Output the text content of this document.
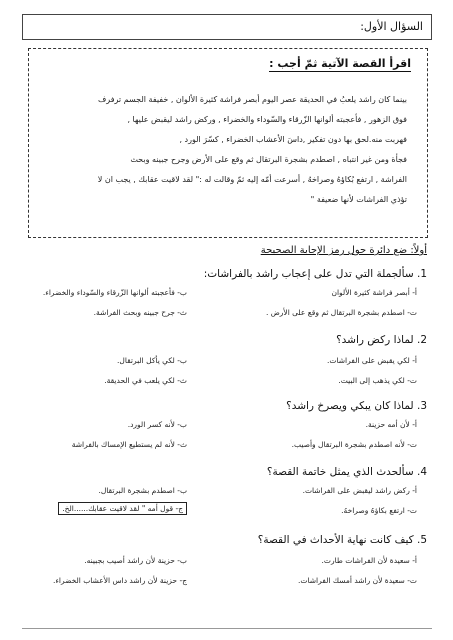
السؤال الأول:
اقرأ القصة الآتية ثمّ أجب :
بينما كان راشد يلعبُ في الحديقة عصر اليوم أبصر فراشة كثيرة الألوان , خفيفة الجسم ترفرف
فوق الزهور , فأعجبته ألوانها الزّرقاء والسّوداء والخضراء , وركض راشد ليقبض عليها ,
فهربت منه.لحق بها دون تفكير ,داسَ الأعشاب الخضراء , كسّرَ الورد ,
فجأة ومن غير انتباه , اصطدم بشجرة البرتقال ثم وقع على الأرض وجرح جبينه وبحث
الفراشة , ارتفع بُكاؤهُ وصراخهُ , أسرعت أمّه إليه ثمّ وقالت له :" لقد لاقيت عقابك , يجب ان لا
تؤذي الفراشات لأنها ضعيفة "
أولاً: ضع دائرة حول رمز الإجابة الصحيحة
1. سألجملة التي تدل على إعجاب راشد بالفراشات:
أ- أبصر فراشة كثيرة الألوان
ب- فأعجبته ألوانها الزّرقاء والسّوداء والخضراء.
ت- اصطدم بشجرة البرتقال ثم وقع على الأرض .
ث- جرح جبينه وبحث الفراشة.
2. لماذا ركض راشد؟
أ- لكي يقبض على الفراشات.
ب- لكي يأكل البرتقال.
ت- لكي يذهب إلى البيت.
ث- لكي يلعب في الحديقة.
3. لماذا كان يبكي ويصرخ راشد؟
أ- لأن أمه حزينة.
ب- لأنه كسر الورد.
ت- لأنه اصطدم بشجرة البرتقال وأصيب.
ث- لأنه لم يستطيع الإمساك بالفراشة
4. سألحدث الذي يمثل خاتمة القصة؟
أ- ركض راشد ليقبض على الفراشات.
ب- اصطدم بشجرة البرتقال.
ت- ارتفع بكاؤهُ وصراخهُ.
ج- قول أمه " لقد لاقيت عقابك......الخ.
5. كيف كانت نهاية الأحداث في القصة؟
أ- سعيدة لأن الفراشات طارت.
ب- حزينة لأن راشد أصيب بجبينه.
ت- سعيدة لأن راشد أمسك الفراشات.
ج- حزينة لأن راشد داس الأعشاب الخضراء.
